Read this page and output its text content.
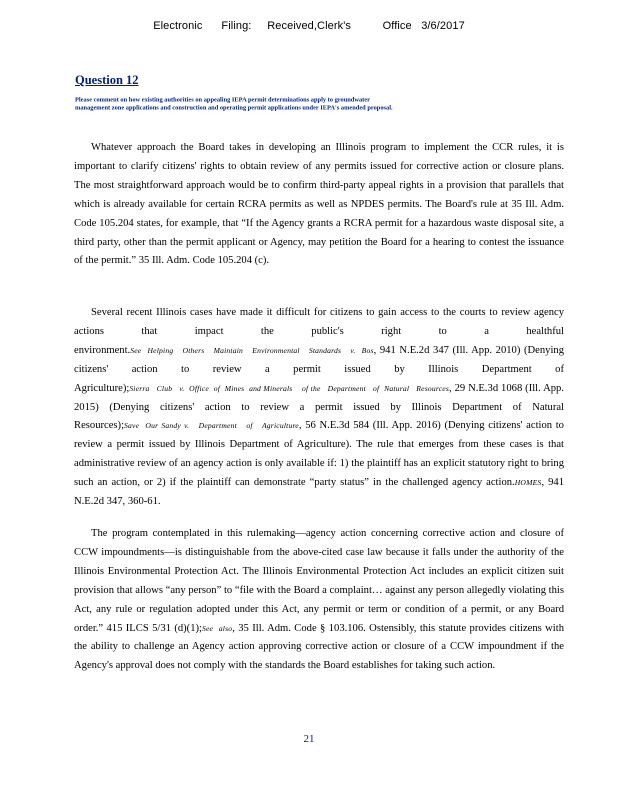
Electronic      Filing:     Received,Clerk's          Office   3/6/2017
Question 12
Please comment on how existing authorities on appealing IEPA permit determinations apply to groundwater management zone applications and construction and operating permit applications under IEPA's amended proposal.

Whatever approach the Board takes in developing an Illinois program to implement the CCR rules, it is important to clarify citizens' rights to obtain review of any permits issued for corrective action or closure plans. The most straightforward approach would be to confirm third-party appeal rights in a provision that parallels that which is already available for certain RCRA permits as well as NPDES permits. The Board's rule at 35 Ill. Adm. Code 105.204 states, for example, that “If the Agency grants a RCRA permit for a hazardous waste disposal site, a third party, other than the permit applicant or Agency, may petition the Board for a hearing to contest the issuance of the permit.” 35 Ill. Adm. Code 105.204 (c).

Several recent Illinois cases have made it difficult for citizens to gain access to the courts to review agency actions that impact the public's right to a healthful environment.See  Helping   Others   Maintain   Environmental   Standards   v.  Bos, 941 N.E.2d 347 (Ill. App. 2010) (Denying citizens' action to review a permit issued by Illinois Department of Agriculture);Sierra   Club   v.  Office  of  Mines  and Minerals    of the   Department   of  Natural   Resources, 29 N.E.3d 1068 (Ill. App. 2015) (Denying citizens' action to review a permit issued by Illinois Department of Natural Resources);Save  Our Sandy v.   Department   of   Agriculture, 56 N.E.3d 584 (Ill. App. 2016) (Denying citizens' action to review a permit issued by Illinois Department of Agriculture). The rule that emerges from these cases is that administrative review of an agency action is only available if: 1) the plaintiff has an explicit statutory right to bring such an action, or 2) if the plaintiff can demonstrate “party status” in the challenged agency action.HOMES, 941 N.E.2d 347, 360-61.

The program contemplated in this rulemaking—agency action concerning corrective action and closure of CCW impoundments—is distinguishable from the above-cited case law because it falls under the authority of the Illinois Environmental Protection Act. The Illinois Environmental Protection Act includes an explicit citizen suit provision that allows “any person” to “file with the Board a complaint… against any person allegedly violating this Act, any rule or regulation adopted under this Act, any permit or term or condition of a permit, or any Board order.” 415 ILCS 5/31 (d)(1);See  also, 35 Ill. Adm. Code § 103.106. Ostensibly, this statute provides citizens with the ability to challenge an Agency action approving corrective action or closure of a CCW impoundment if the Agency's approval does not comply with the standards the Board establishes for taking such action.

21
